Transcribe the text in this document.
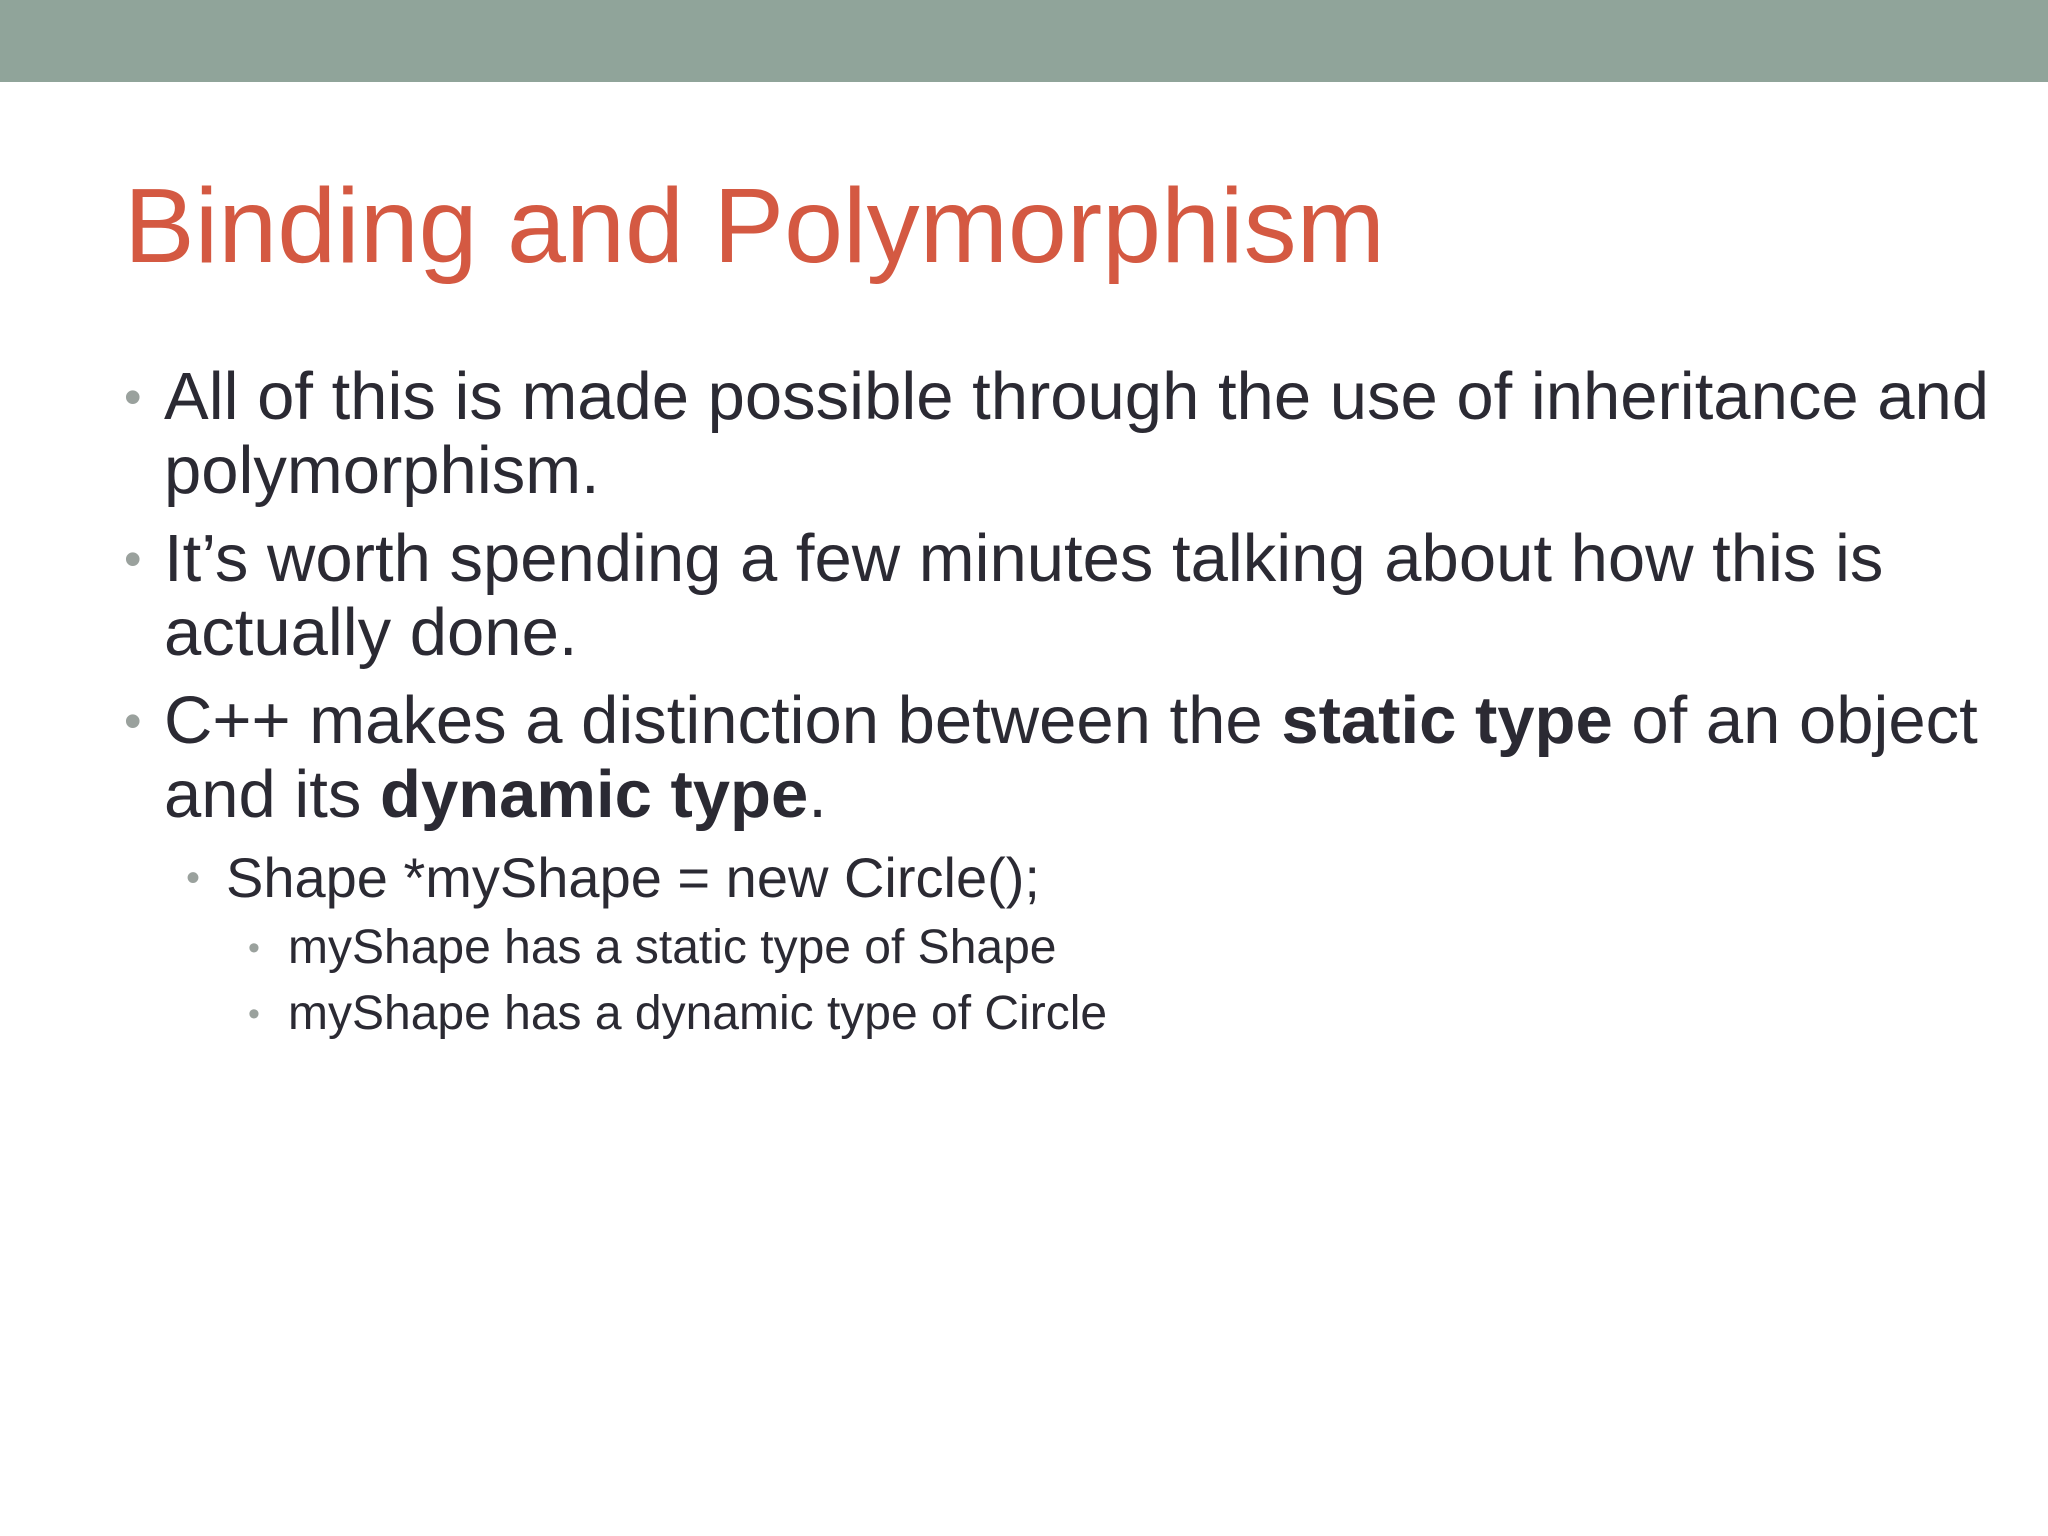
Binding and Polymorphism
• All of this is made possible through the use of inheritance and polymorphism.
• It’s worth spending a few minutes talking about how this is actually done.
• C++ makes a distinction between the static type of an object and its dynamic type.
• Shape *myShape = new Circle();
• myShape has a static type of Shape
• myShape has a dynamic type of Circle
